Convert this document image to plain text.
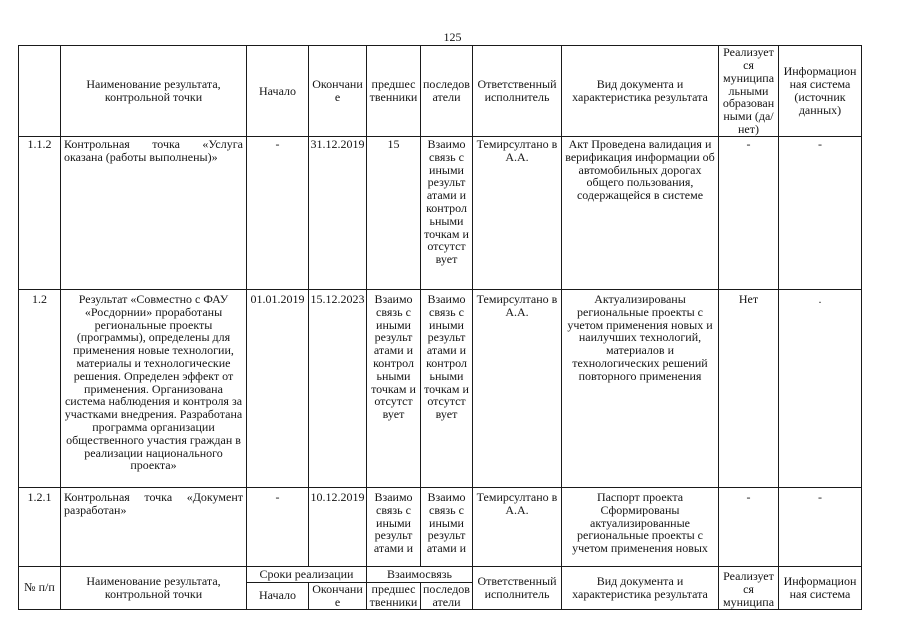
125
	Наименование результата, контрольной точки	Начало	Окончани е	предшес твенники	последов атели	Ответственный исполнитель	Вид документа и характеристика результата	Реализует ся муниципа льными образован ными (да/нет)	Информацион ная система (источник данных)
1.1.2	Контрольная точка «Услуга
оказана (работы выполнены)»	-	31.12.2019	15	Взаимо связь с иными результ атами и контрол ьными точкам и отсутст вует	Темирсултано в А.А.	Акт Проведена валидация и верификация информации об автомобильных дорогах общего пользования, содержащейся в системе	-	-
1.2	Результат «Совместно с ФАУ «Росдорнии» проработаны региональные проекты (программы), определены для применения новые технологии, материалы и технологические решения. Определен эффект от применения. Организована система наблюдения и контроля за участками внедрения. Разработана программа организации общественного участия граждан в реализации национального проекта»	01.01.2019	15.12.2023	Взаимо связь с иными результ атами и контрол ьными точкам и отсутст вует	Взаимо связь с иными результ атами и контрол ьными точкам и отсутст вует	Темирсултано в А.А.	Актуализированы региональные проекты с учетом применения новых и наилучших технологий, материалов и технологических решений повторного применения	Нет	.
1.2.1	Контрольная точка «Документ
разработан»	-	10.12.2019	Взаимо связь с иными результ атами и	Взаимо связь с иными результ атами и	Темирсултано в А.А.	Паспорт проекта Сформированы актуализированные региональные проекты с учетом применения новых	-	-
№ п/п	Наименование результата, контрольной точки	Сроки реализации		Взаимосвязь		Ответственный исполнитель	Вид документа и характеристика результата	Реализует ся муниципа	Информацион ная система
		Начало	Окончани е	предшес твенники	последов атели				
